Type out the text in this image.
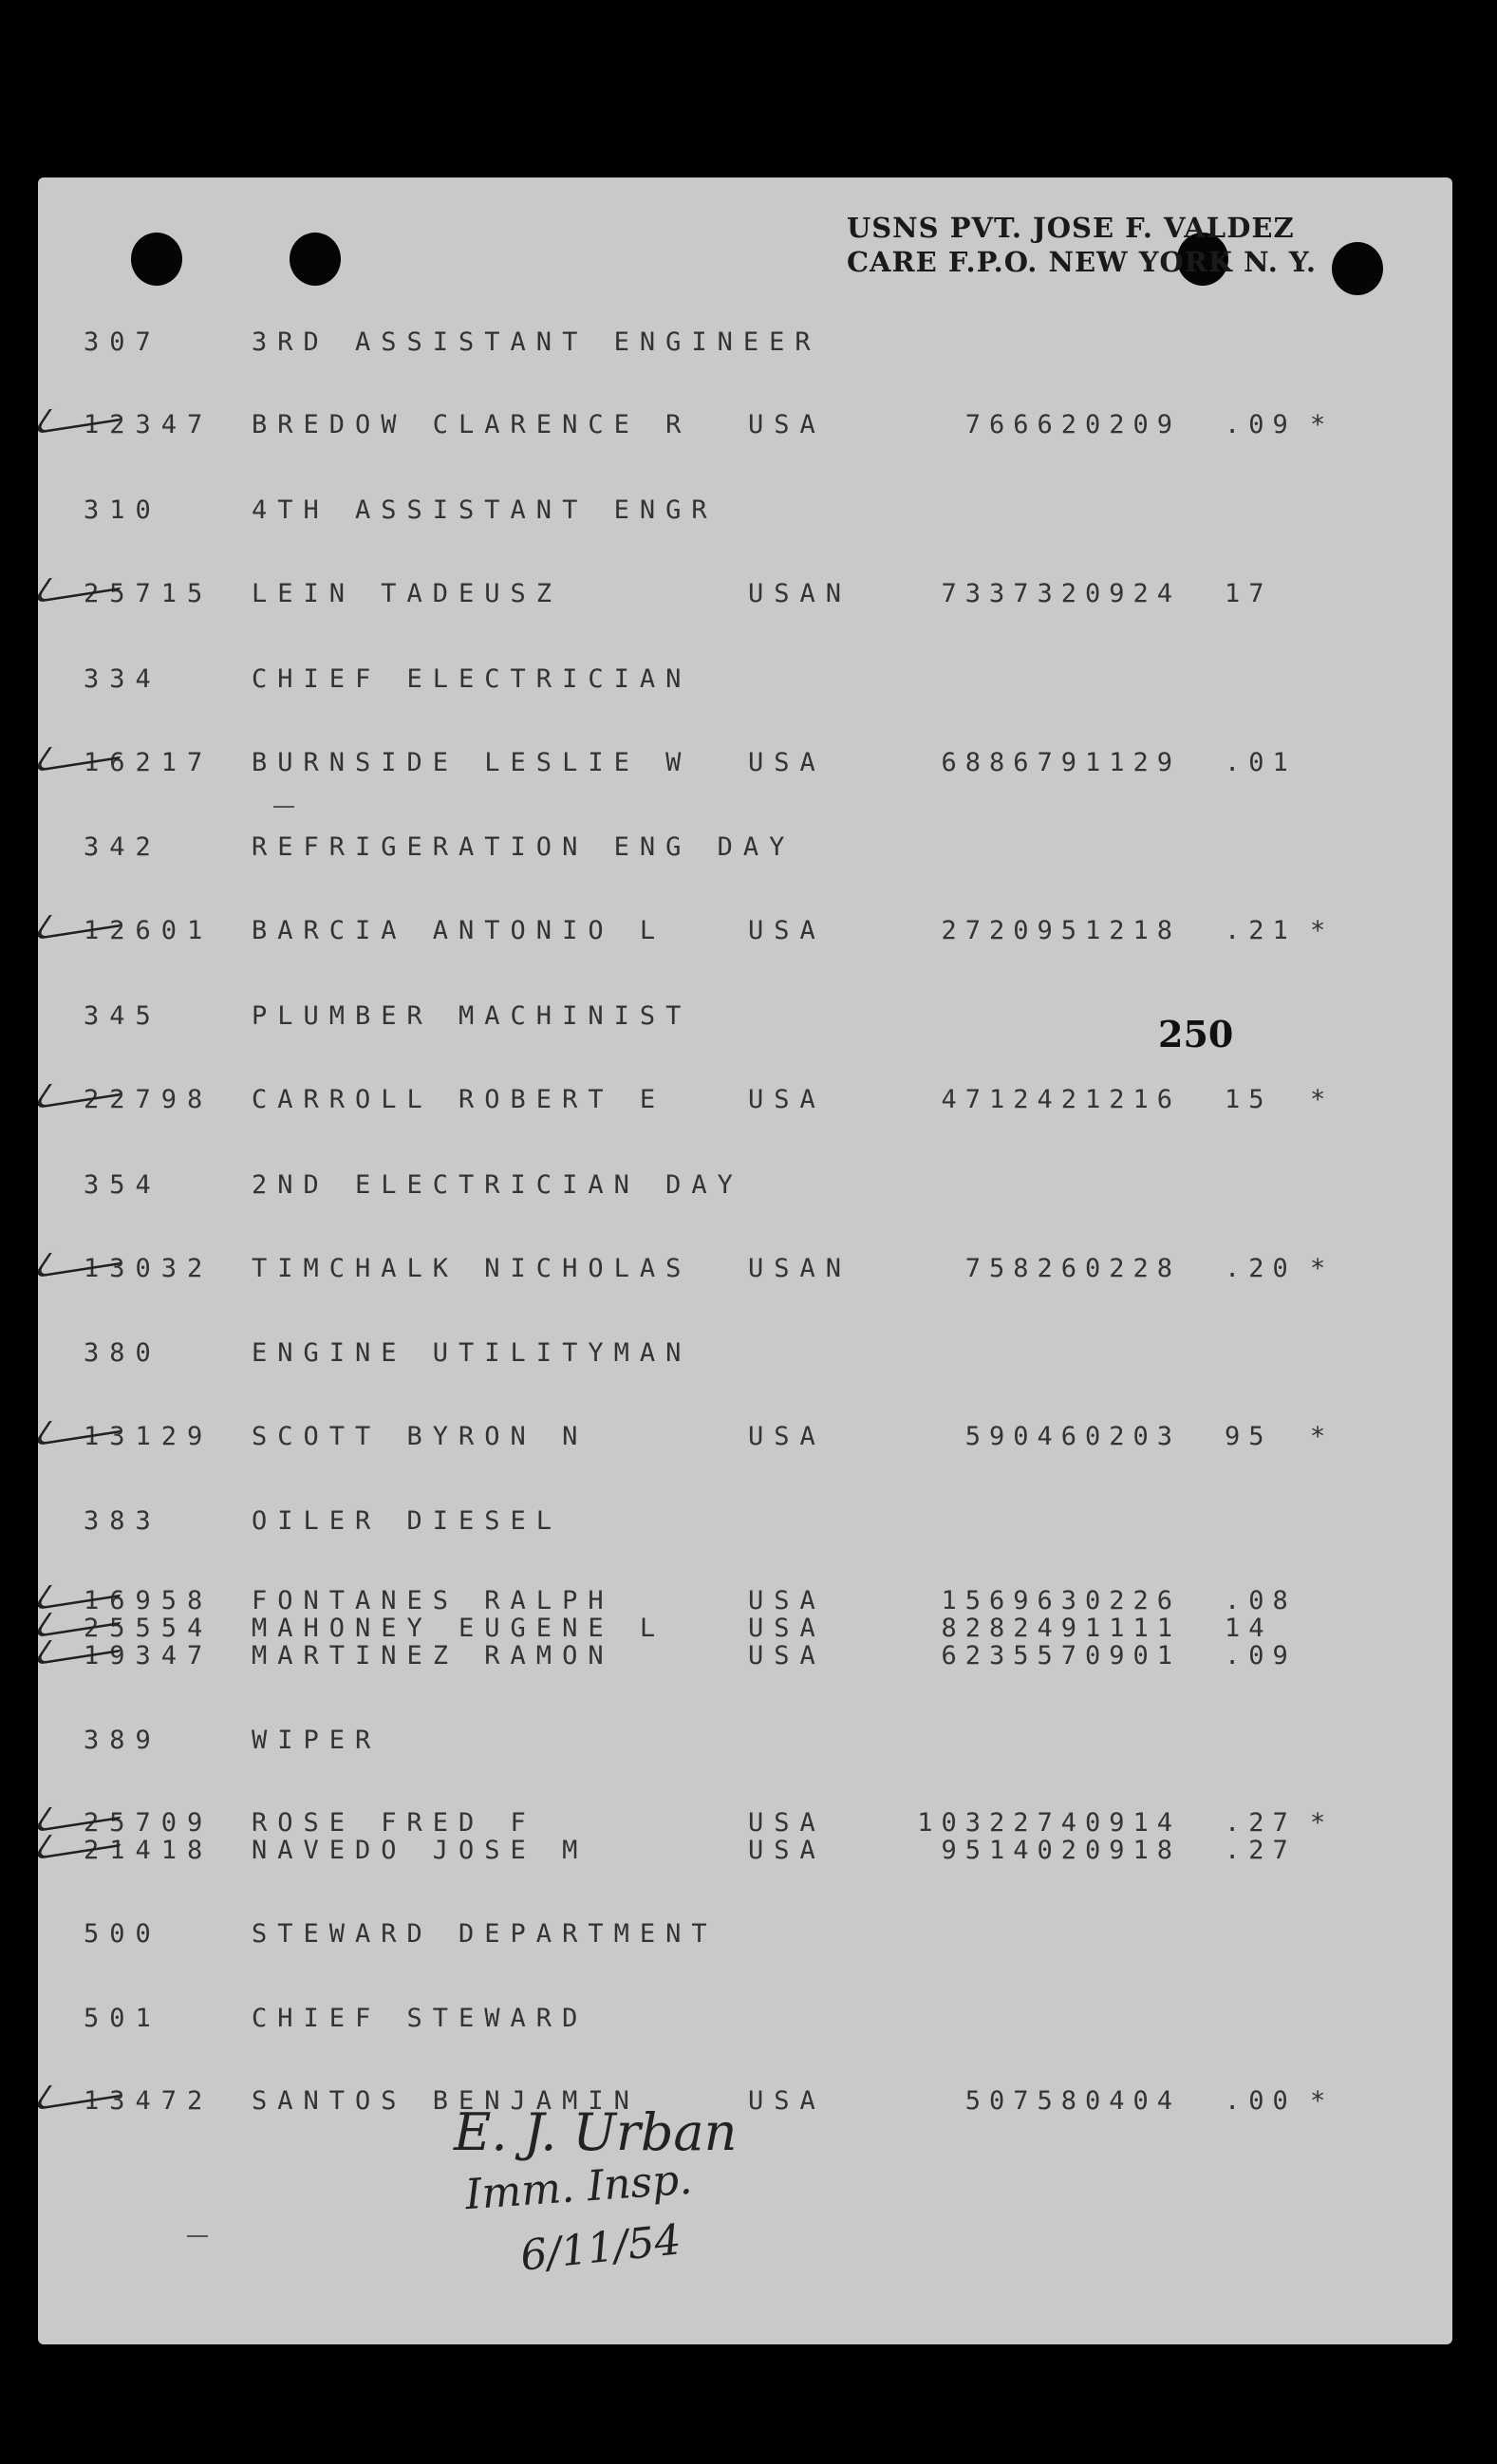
USNS PVT. JOSE F. VALDEZ
CARE F.P.O. NEW YORK N. Y.
250
307	3RD ASSISTANT ENGINEER
12347 BREDOW CLARENCE R USA	76662 0209 .09 *
310	4TH ASSISTANT ENGR
25715 LEIN TADEUSZ	USAN	733732 0924 17
334	CHIEF ELECTRICIAN
16217 BURNSIDE LESLIE W USA	688679 1129 .01
342	REFRIGERATION ENG DAY
12601 BARCIA ANTONIO L	USA	272095 1218 .21 *
345	PLUMBER MACHINIST
22798 CARROLL ROBERT E	USA	471242 1216 15 *
354	2ND ELECTRICIAN DAY
13032 TIMCHALK NICHOLAS USAN	75826 0228 .20 *
380	ENGINE UTILITYMAN
13129 SCOTT BYRON N	USA	59046 0203 95 *
383	OILER DIESEL
16958 FONTANES RALPH	USA	156963 0226 .08
25554 MAHONEY EUGENE L	USA	828249 1111 14
19347 MARTINEZ RAMON	USA	623557 0901 .09
389	WIPER
25709 ROSE FRED F	USA	1032274 0914 .27 *
21418 NAVEDO JOSE M	USA	951402 0918 .27
500	STEWARD DEPARTMENT
501	CHIEF STEWARD
13472 SANTOS BENJAMIN	USA	50758 0404 .00 *
E. J. Urban
Imm. Insp.
6/11/54
